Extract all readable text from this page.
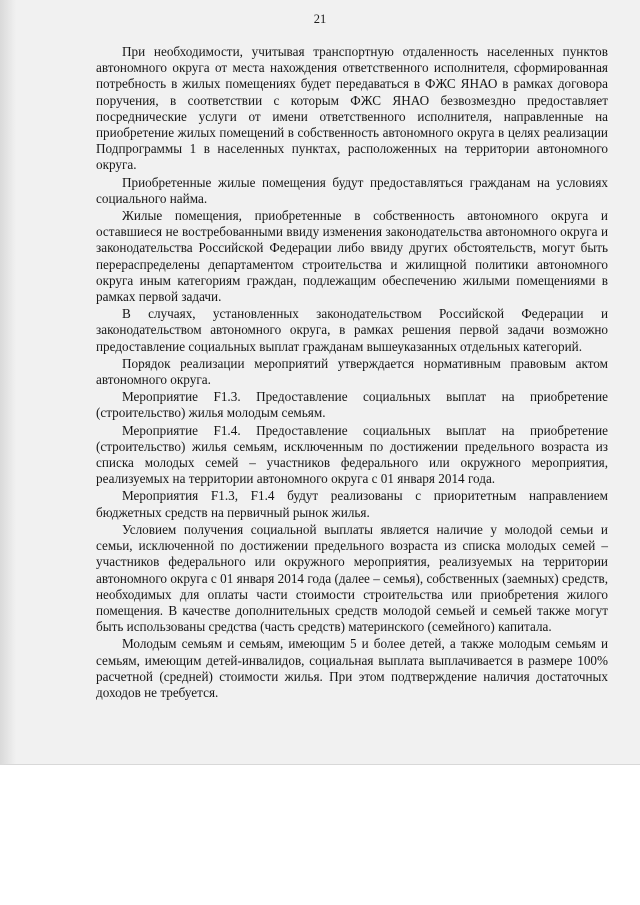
21

При необходимости, учитывая транспортную отдаленность населенных пунктов автономного округа от места нахождения ответственного исполнителя, сформированная потребность в жилых помещениях будет передаваться в ФЖС ЯНАО в рамках договора поручения, в соответствии с которым ФЖС ЯНАО безвозмездно предоставляет посреднические услуги от имени ответственного исполнителя, направленные на приобретение жилых помещений в собственность автономного округа в целях реализации Подпрограммы 1 в населенных пунктах, расположенных на территории автономного округа.

Приобретенные жилые помещения будут предоставляться гражданам на условиях социального найма.

Жилые помещения, приобретенные в собственность автономного округа и оставшиеся не востребованными ввиду изменения законодательства автономного округа и законодательства Российской Федерации либо ввиду других обстоятельств, могут быть перераспределены департаментом строительства и жилищной политики автономного округа иным категориям граждан, подлежащим обеспечению жилыми помещениями в рамках первой задачи.

В случаях, установленных законодательством Российской Федерации и законодательством автономного округа, в рамках решения первой задачи возможно предоставление социальных выплат гражданам вышеуказанных отдельных категорий.

Порядок реализации мероприятий утверждается нормативным правовым актом автономного округа.

Мероприятие F1.3. Предоставление социальных выплат на приобретение (строительство) жилья молодым семьям.

Мероприятие F1.4. Предоставление социальных выплат на приобретение (строительство) жилья семьям, исключенным по достижении предельного возраста из списка молодых семей – участников федерального или окружного мероприятия, реализуемых на территории автономного округа с 01 января 2014 года.

Мероприятия F1.3, F1.4 будут реализованы с приоритетным направлением бюджетных средств на первичный рынок жилья.

Условием получения социальной выплаты является наличие у молодой семьи и семьи, исключенной по достижении предельного возраста из списка молодых семей – участников федерального или окружного мероприятия, реализуемых на территории автономного округа с 01 января 2014 года (далее – семья), собственных (заемных) средств, необходимых для оплаты части стоимости строительства или приобретения жилого помещения. В качестве дополнительных средств молодой семьей и семьей также могут быть использованы средства (часть средств) материнского (семейного) капитала.

Молодым семьям и семьям, имеющим 5 и более детей, а также молодым семьям и семьям, имеющим детей-инвалидов, социальная выплата выплачивается в размере 100% расчетной (средней) стоимости жилья. При этом подтверждение наличия достаточных доходов не требуется.
